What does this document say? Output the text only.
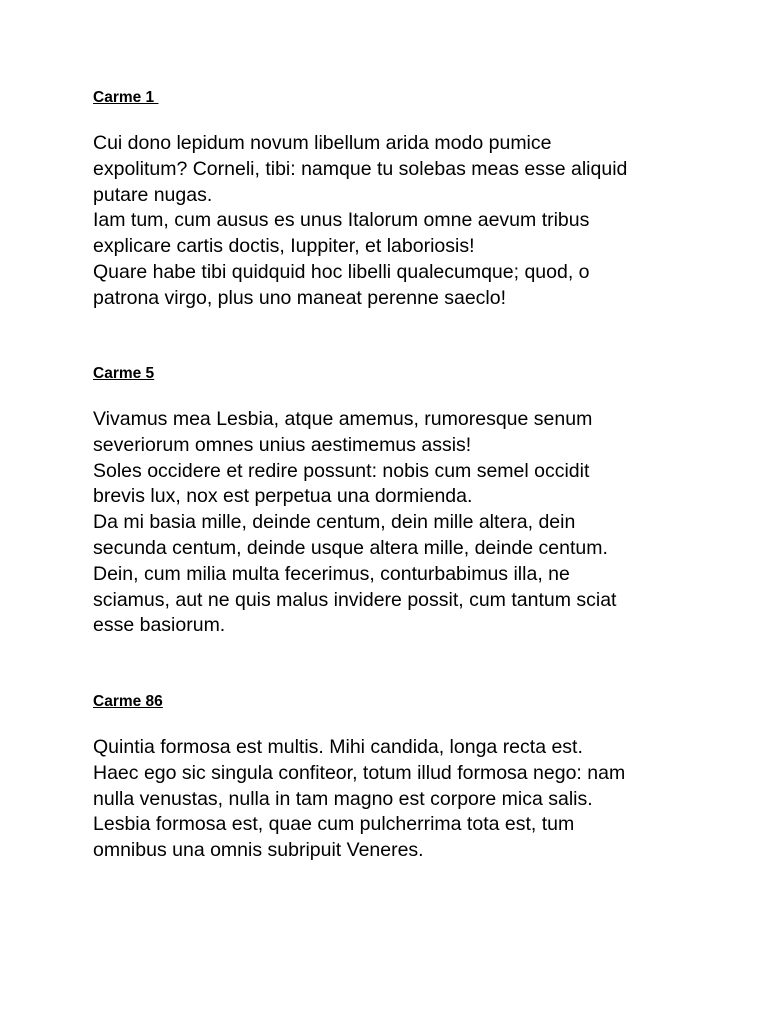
Carme 1

Cui dono lepidum novum libellum arida modo pumice
expolitum? Corneli, tibi: namque tu solebas meas esse aliquid
putare nugas.
Iam tum, cum ausus es unus Italorum omne aevum tribus
explicare cartis doctis, Iuppiter, et laboriosis!
Quare habe tibi quidquid hoc libelli qualecumque; quod, o
patrona virgo, plus uno maneat perenne saeclo!

Carme 5

Vivamus mea Lesbia, atque amemus, rumoresque senum
severiorum omnes unius aestimemus assis!
Soles occidere et redire possunt: nobis cum semel occidit
brevis lux, nox est perpetua una dormienda.
Da mi basia mille, deinde centum, dein mille altera, dein
secunda centum, deinde usque altera mille, deinde centum.
Dein, cum milia multa fecerimus, conturbabimus illa, ne
sciamus, aut ne quis malus invidere possit, cum tantum sciat
esse basiorum.

Carme 86

Quintia formosa est multis. Mihi candida, longa recta est.
Haec ego sic singula confiteor, totum illud formosa nego: nam
nulla venustas, nulla in tam magno est corpore mica salis.
Lesbia formosa est, quae cum pulcherrima tota est, tum
omnibus una omnis subripuit Veneres.
